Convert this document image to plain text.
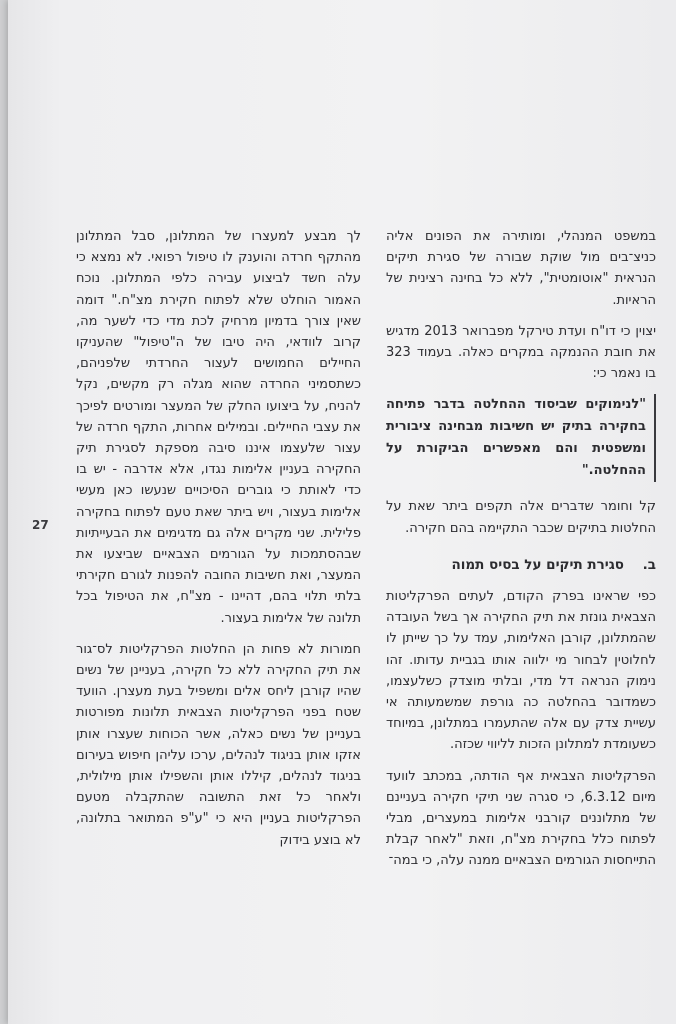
במשפט המנהלי, ומותירה את הפונים אליה כניצ־בים מול שוקת שבורה של סגירת תיקים הנראית "אוטומטית", ללא כל בחינה רצינית של הראיות.

יצוין כי דו"ח ועדת טירקל מפברואר 2013 מדגיש את חובת ההנמקה במקרים כאלה. בעמוד 323 בו נאמר כי:

"לנימוקים שביסוד ההחלטה בדבר פתיחה בחקירה בתיק יש חשיבות מבחינה ציבורית ומשפטית והם מאפשרים הביקורת על ההחלטה."

קל וחומר שדברים אלה תקפים ביתר שאת על החלטות בתיקים שכבר התקיימה בהם חקירה.

ב. סגירת תיקים על בסיס תמוה

כפי שראינו בפרק הקודם, לעתים הפרקליטות הצבאית גונזת את תיק החקירה אך בשל העובדה שהמתלונן, קורבן האלימות, עמד על כך שייתן לו לחלוטין לבחור מי ילווה אותו בגביית עדותו. זהו נימוק הנראה דל מדי, ובלתי מוצדק כשלעצמו, כשמדובר בהחלטה כה גורפת שמשמעותה אי עשיית צדק עם אלה שהתעמרו במתלונן, במיוחד כשעומדת למתלונן הזכות לליווי שכזה.

הפרקליטות הצבאית אף הודתה, במכתב לוועד מיום 6.3.12, כי סגרה שני תיקי חקירה בעניינם של מתלוננים קורבני אלימות במעצרים, מבלי לפתוח כלל בחקירת מצ"ח, וזאת "לאחר קבלת התייחסות הגורמים הצבאיים ממנה עלה, כי במה־

לך מבצע למעצרו של המתלונן, סבל המתלונן מהתקף חרדה והוענק לו טיפול רפואי. לא נמצא כי עלה חשד לביצוע עבירה כלפי המתלונן. נוכח האמור הוחלט שלא לפתוח חקירת מצ"ח." דומה שאין צורך בדמיון מרחיק לכת מדי כדי לשער מה, קרוב לוודאי, היה טיבו של ה"טיפול" שהעניקו החיילים החמושים לעצור החרדתי שלפניהם, כשתסמיני החרדה שהוא מגלה רק מקשים, נקל להניח, על ביצועו החלק של המעצר ומורטים לפיכך את עצבי החיילים. ובמילים אחרות, התקף חרדה של עצור שלעצמו איננו סיבה מספקת לסגירת תיק החקירה בעניין אלימות נגדו, אלא אדרבה - יש בו כדי לאותת כי גוברים הסיכויים שנעשו כאן מעשי אלימות בעצור, ויש ביתר שאת טעם לפתוח בחקירה פלילית. שני מקרים אלה גם מדגימים את הבעייתיות שבהסתמכות על הגורמים הצבאיים שביצעו את המעצר, ואת חשיבות החובה להפנות לגורם חקירתי בלתי תלוי בהם, דהיינו - מצ"ח, את הטיפול בכל תלונה של אלימות בעצור.

חמורות לא פחות הן החלטות הפרקליטות לס־גור את תיק החקירה ללא כל חקירה, בעניינן של נשים שהיו קורבן ליחס אלים ומשפיל בעת מעצרן. הוועד שטח בפני הפרקליטות הצבאית תלונות מפורטות בעניינן של נשים כאלה, אשר הכוחות שעצרו אותן אזקו אותן בניגוד לנהלים, ערכו עליהן חיפוש בעירום בניגוד לנהלים, קיללו אותן והשפילו אותן מילולית, ולאחר כל זאת התשובה שהתקבלה מטעם הפרקליטות בעניין היא כי "ע"פ המתואר בתלונה, לא בוצע בידוק

27
